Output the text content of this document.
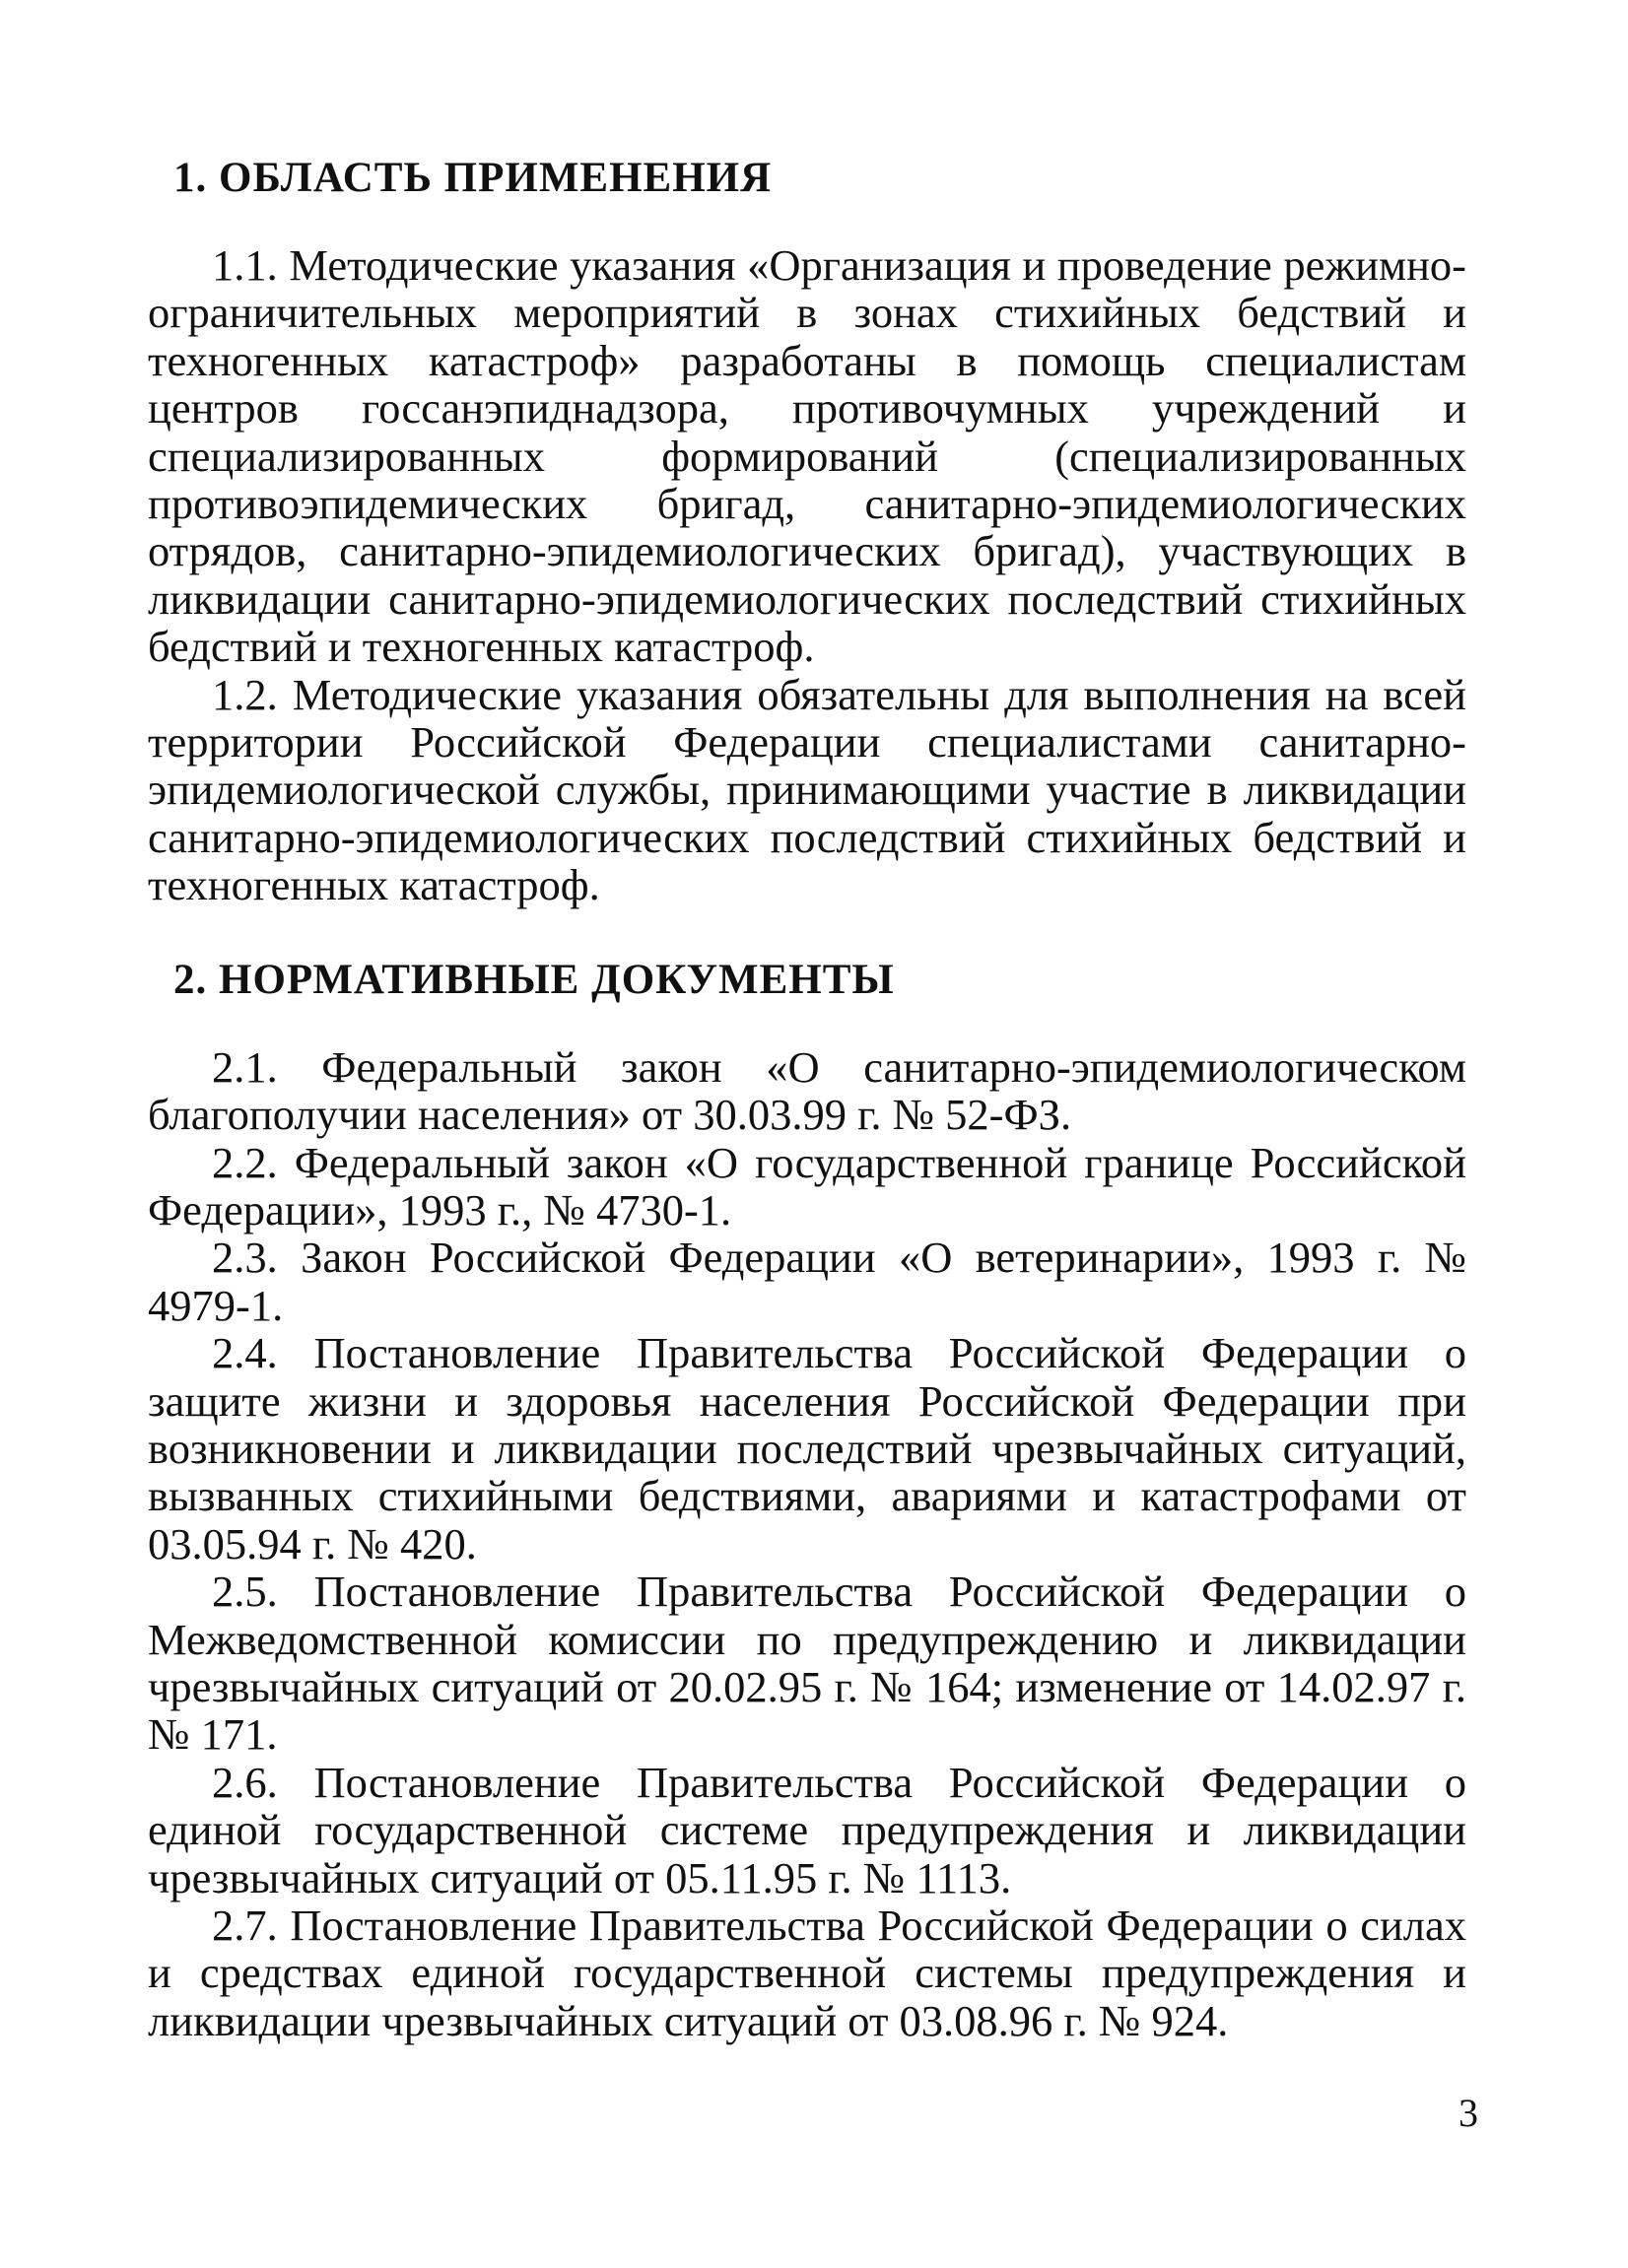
1. ОБЛАСТЬ ПРИМЕНЕНИЯ

1.1. Методические указания «Организация и проведение режимно-ограничительных мероприятий в зонах стихийных бедствий и техногенных катастроф» разработаны в помощь специалистам центров госсанэпиднадзора, противочумных учреждений и специализированных формирований (специализированных противоэпидемических бригад, санитарно-эпидемиологических отрядов, санитарно-эпидемиологических бригад), участвующих в ликвидации санитарно-эпидемиологических последствий стихийных бедствий и техногенных катастроф.

1.2. Методические указания обязательны для выполнения на всей территории Российской Федерации специалистами санитарно-эпидемиологической службы, принимающими участие в ликвидации санитарно-эпидемиологических последствий стихийных бедствий и техногенных катастроф.

2. НОРМАТИВНЫЕ ДОКУМЕНТЫ

2.1. Федеральный закон «О санитарно-эпидемиологическом благополучии населения» от 30.03.99 г. № 52-ФЗ.

2.2. Федеральный закон «О государственной границе Российской Федерации», 1993 г., № 4730-1.

2.3. Закон Российской Федерации «О ветеринарии», 1993 г. № 4979-1.

2.4. Постановление Правительства Российской Федерации о защите жизни и здоровья населения Российской Федерации при возникновении и ликвидации последствий чрезвычайных ситуаций, вызванных стихийными бедствиями, авариями и катастрофами от 03.05.94 г. № 420.

2.5. Постановление Правительства Российской Федерации о Межведомственной комиссии по предупреждению и ликвидации чрезвычайных ситуаций от 20.02.95 г. № 164; изменение от 14.02.97 г. № 171.

2.6. Постановление Правительства Российской Федерации о единой государственной системе предупреждения и ликвидации чрезвычайных ситуаций от 05.11.95 г. № 1113.

2.7. Постановление Правительства Российской Федерации о силах и средствах единой государственной системы предупреждения и ликвидации чрезвычайных ситуаций от 03.08.96 г. № 924.

3
